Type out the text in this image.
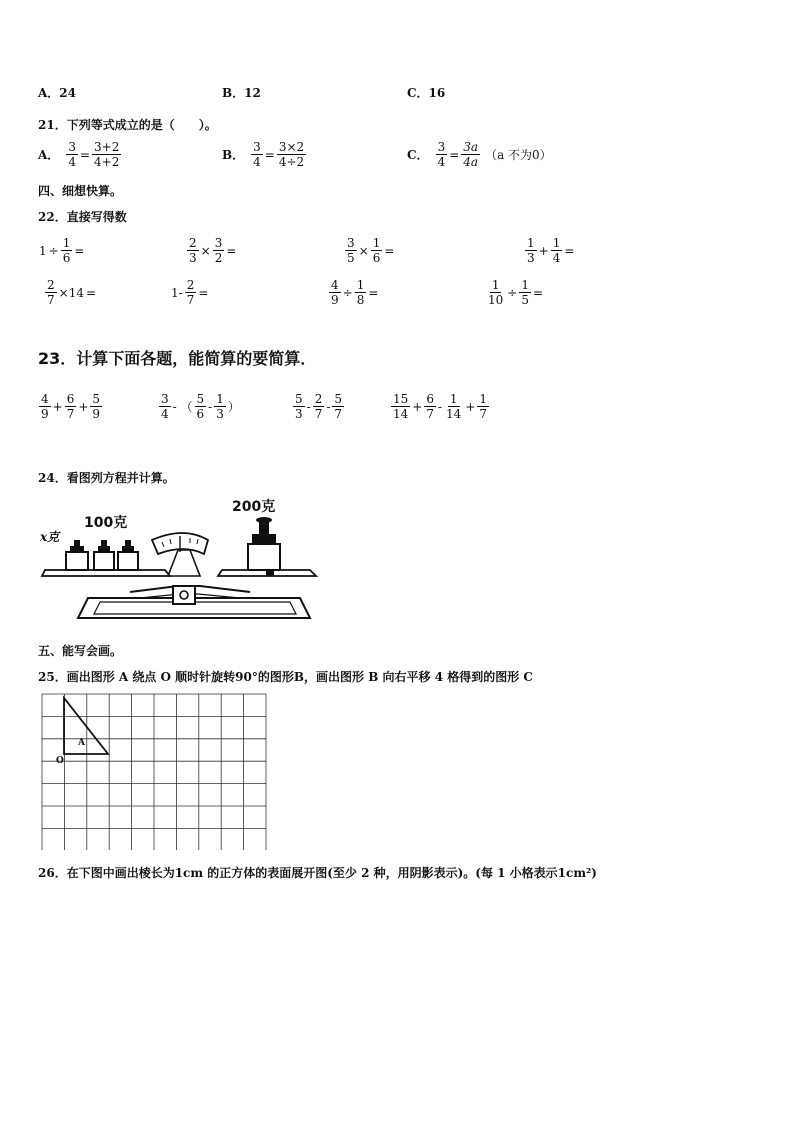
A．24	B．12	C．16
21．下列等式成立的是（　　）。
A． $\frac{3}{4} = \frac{3+2}{4+2}$	B． $\frac{3}{4} = \frac{3\times 2}{4\div 2}$	C． $\frac{3}{4} = \frac{3a}{4a} (a$ 不为0）
四、细想快算。
22．直接写得数
$1 \div \frac{1}{6}$ =	$\frac{2}{3} \times \frac{3}{2}$ =	$\frac{3}{5} \times \frac{1}{6}$ =	$\frac{1}{3} + \frac{1}{4}$ =
$\frac{2}{7} \times 14$ =	$1- \frac{2}{7}$ =	$\frac{4}{9} \div \frac{1}{8}$ =	$\frac{1}{10} \div \frac{1}{5}$ =
23．计算下面各题，能简算的要简算．
$\frac{4}{9} + \frac{6}{7} + \frac{5}{9}$	$\frac{3}{4}$ - （ $\frac{5}{6} - \frac{1}{3}$ ）	$\frac{5}{3} - \frac{2}{7} - \frac{5}{7}$	$\frac{15}{14} + \frac{6}{7} - \frac{1}{14} + \frac{1}{7}$
24．看图列方程并计算。
x克
100克
200克
五、能写会画。
25．画出图形 A 绕点 O 顺时针旋转90°的图形B，画出图形 B 向右平移 4 格得到的图形 C
A
O
26．在下图中画出棱长为1cm 的正方体的表面展开图(至少 2 种，用阴影表示)。(每 1 小格表示1cm²)
